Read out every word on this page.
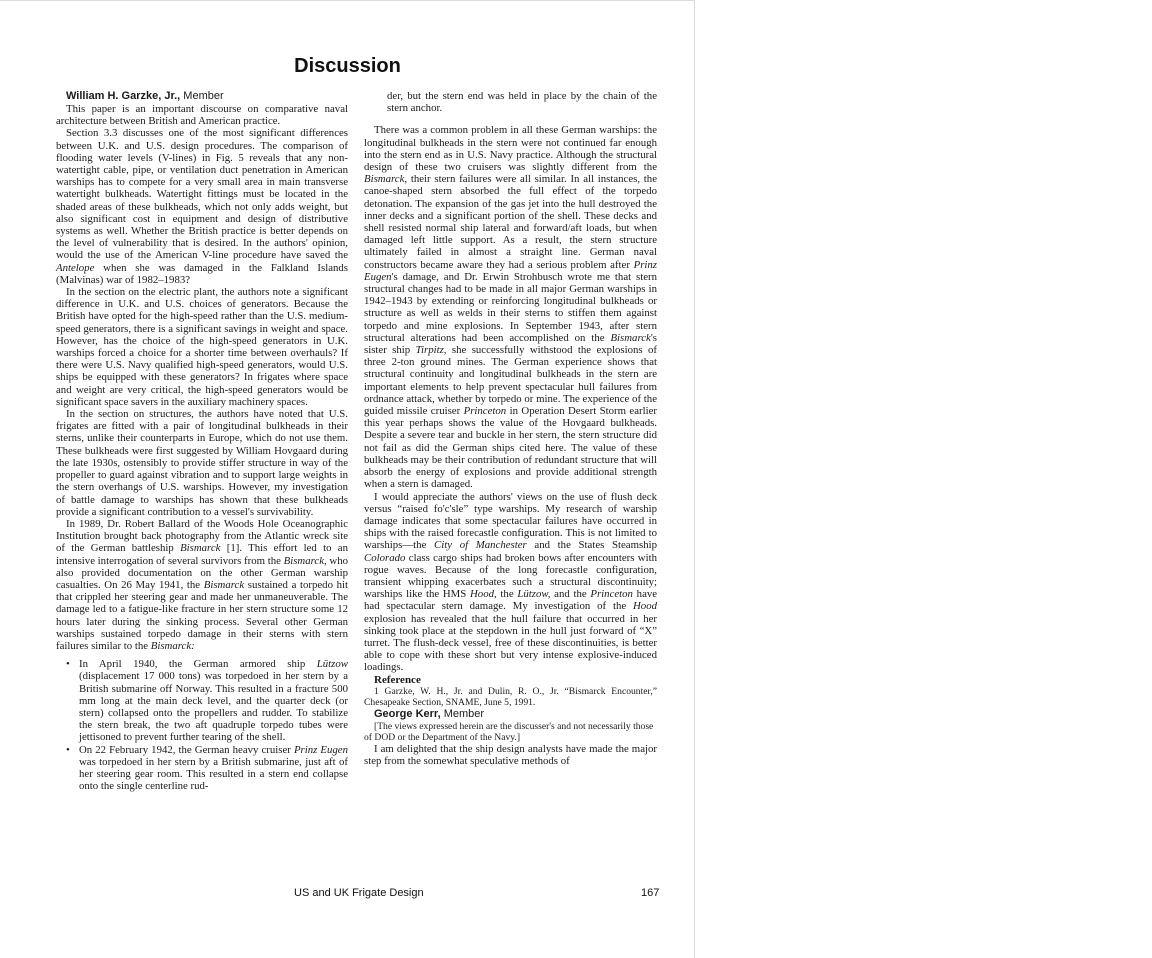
Discussion

William H. Garzke, Jr., Member

This paper is an important discourse on comparative naval architecture between British and American practice.

Section 3.3 discusses one of the most significant differences between U.K. and U.S. design procedures. The comparison of flooding water levels (V-lines) in Fig. 5 reveals that any non-watertight cable, pipe, or ventilation duct penetration in American warships has to compete for a very small area in main transverse watertight bulkheads. Watertight fittings must be located in the shaded areas of these bulkheads, which not only adds weight, but also significant cost in equipment and design of distributive systems as well. Whether the British practice is better depends on the level of vulnerability that is desired. In the authors' opinion, would the use of the American V-line procedure have saved the Antelope when she was damaged in the Falkland Islands (Malvinas) war of 1982–1983?

In the section on the electric plant, the authors note a significant difference in U.K. and U.S. choices of generators. Because the British have opted for the high-speed rather than the U.S. medium-speed generators, there is a significant savings in weight and space. However, has the choice of the high-speed generators in U.K. warships forced a choice for a shorter time between overhauls? If there were U.S. Navy qualified high-speed generators, would U.S. ships be equipped with these generators? In frigates where space and weight are very critical, the high-speed generators would be significant space savers in the auxiliary machinery spaces.

In the section on structures, the authors have noted that U.S. frigates are fitted with a pair of longitudinal bulkheads in their sterns, unlike their counterparts in Europe, which do not use them. These bulkheads were first suggested by William Hovgaard during the late 1930s, ostensibly to provide stiffer structure in way of the propeller to guard against vibration and to support large weights in the stern overhangs of U.S. warships. However, my investigation of battle damage to warships has shown that these bulkheads provide a significant contribution to a vessel's survivability.

In 1989, Dr. Robert Ballard of the Woods Hole Oceanographic Institution brought back photography from the Atlantic wreck site of the German battleship Bismarck [1]. This effort led to an intensive interrogation of several survivors from the Bismarck, who also provided documentation on the other German warship casualties. On 26 May 1941, the Bismarck sustained a torpedo hit that crippled her steering gear and made her unmaneuverable. The damage led to a fatigue-like fracture in her stern structure some 12 hours later during the sinking process. Several other German warships sustained torpedo damage in their sterns with stern failures similar to the Bismarck:

• In April 1940, the German armored ship Lützow (displacement 17 000 tons) was torpedoed in her stern by a British submarine off Norway. This resulted in a fracture 500 mm long at the main deck level, and the quarter deck (or stern) collapsed onto the propellers and rudder. To stabilize the stern break, the two aft quadruple torpedo tubes were jettisoned to prevent further tearing of the shell.
• On 22 February 1942, the German heavy cruiser Prinz Eugen was torpedoed in her stern by a British submarine, just aft of her steering gear room. This resulted in a stern end collapse onto the single centerline rud-

der, but the stern end was held in place by the chain of the stern anchor.

There was a common problem in all these German warships: the longitudinal bulkheads in the stern were not continued far enough into the stern end as in U.S. Navy practice. Although the structural design of these two cruisers was slightly different from the Bismarck, their stern failures were all similar. In all instances, the canoe-shaped stern absorbed the full effect of the torpedo detonation. The expansion of the gas jet into the hull destroyed the inner decks and a significant portion of the shell. These decks and shell resisted normal ship lateral and forward/aft loads, but when damaged left little support. As a result, the stern structure ultimately failed in almost a straight line. German naval constructors became aware they had a serious problem after Prinz Eugen's damage, and Dr. Erwin Strohbusch wrote me that stern structural changes had to be made in all major German warships in 1942–1943 by extending or reinforcing longitudinal bulkheads or structure as well as welds in their sterns to stiffen them against torpedo and mine explosions. In September 1943, after stern structural alterations had been accomplished on the Bismarck's sister ship Tirpitz, she successfully withstood the explosions of three 2-ton ground mines. The German experience shows that structural continuity and longitudinal bulkheads in the stern are important elements to help prevent spectacular hull failures from ordnance attack, whether by torpedo or mine. The experience of the guided missile cruiser Princeton in Operation Desert Storm earlier this year perhaps shows the value of the Hovgaard bulkheads. Despite a severe tear and buckle in her stern, the stern structure did not fail as did the German ships cited here. The value of these bulkheads may be their contribution of redundant structure that will absorb the energy of explosions and provide additional strength when a stern is damaged.

I would appreciate the authors' views on the use of flush deck versus “raised fo'c'sle” type warships. My research of warship damage indicates that some spectacular failures have occurred in ships with the raised forecastle configuration. This is not limited to warships—the City of Manchester and the States Steamship Colorado class cargo ships had broken bows after encounters with rogue waves. Because of the long forecastle configuration, transient whipping exacerbates such a structural discontinuity; warships like the HMS Hood, the Lützow, and the Princeton have had spectacular stern damage. My investigation of the Hood explosion has revealed that the hull failure that occurred in her sinking took place at the stepdown in the hull just forward of “X” turret. The flush-deck vessel, free of these discontinuities, is better able to cope with these short but very intense explosive-induced loadings.

Reference

1 Garzke, W. H., Jr. and Dulin, R. O., Jr. “Bismarck Encounter,” Chesapeake Section, SNAME, June 5, 1991.

George Kerr, Member

[The views expressed herein are the discusser's and not necessarily those of DOD or the Department of the Navy.]

I am delighted that the ship design analysts have made the major step from the somewhat speculative methods of

US and UK Frigate Design	167
